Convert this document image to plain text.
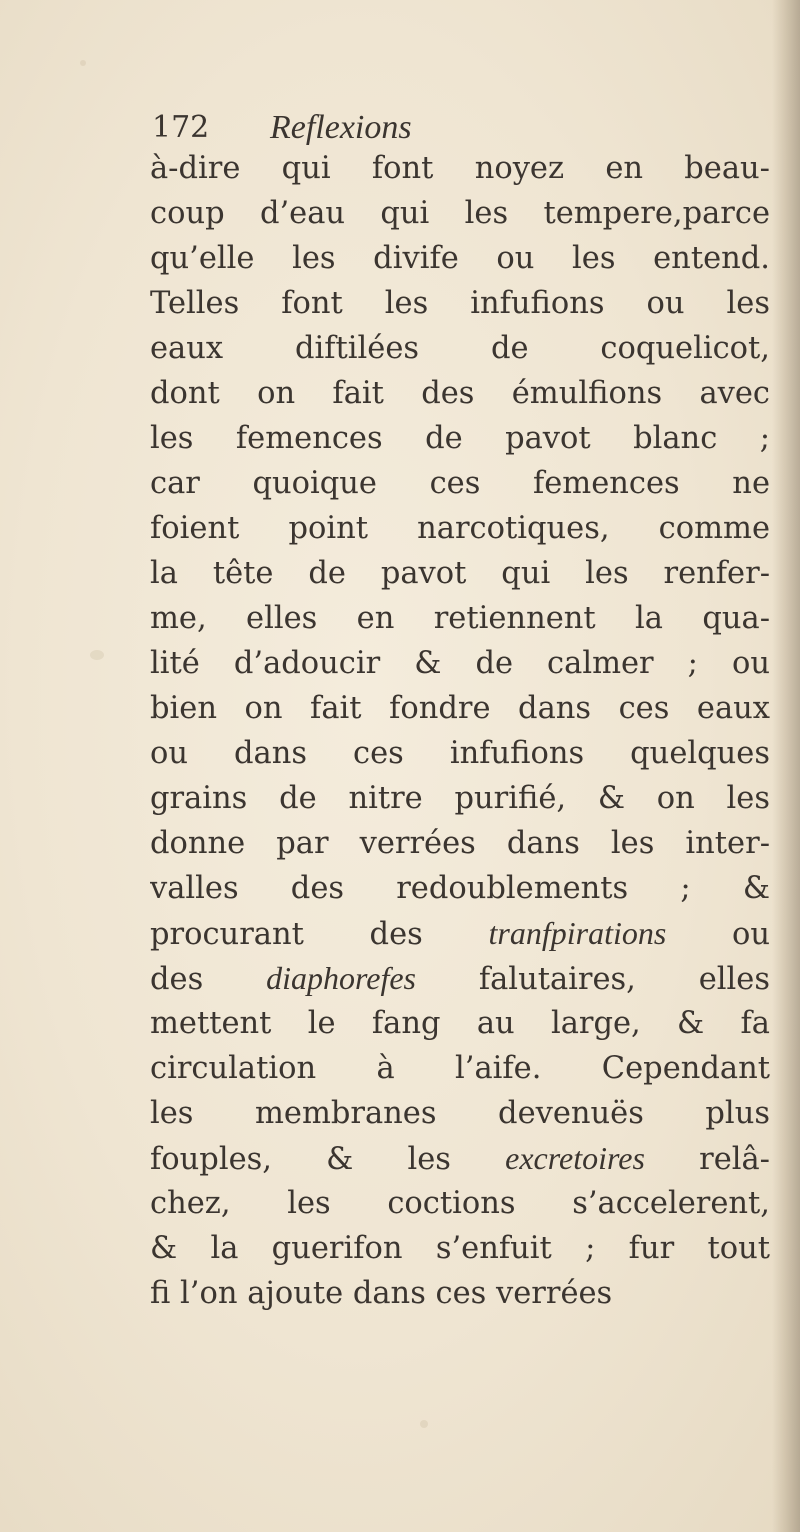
172 Reflexions
à-dire qui font noyez en beau-
coup d’eau qui les tempere,parce
qu’elle les divife ou les entend.
Telles font les infufions ou les
eaux diftilées de coquelicot,
dont on fait des émulfions avec
les femences de pavot blanc ;
car quoique ces femences ne
foient point narcotiques, comme
la tête de pavot qui les renfer-
me, elles en retiennent la qua-
lité d’adoucir & de calmer ; ou
bien on fait fondre dans ces eaux
ou dans ces infufions quelques
grains de nitre purifié, & on les
donne par verrées dans les inter-
valles des redoublements ; &
procurant des tranfpirations ou
des diaphorefes falutaires, elles
mettent le fang au large, & fa
circulation à l’aife. Cependant
les membranes devenuës plus
fouples, & les excretoires relâ-
chez, les coctions s’accelerent,
& la guerifon s’enfuit ; fur tout
fi l’on ajoute dans ces verrées
